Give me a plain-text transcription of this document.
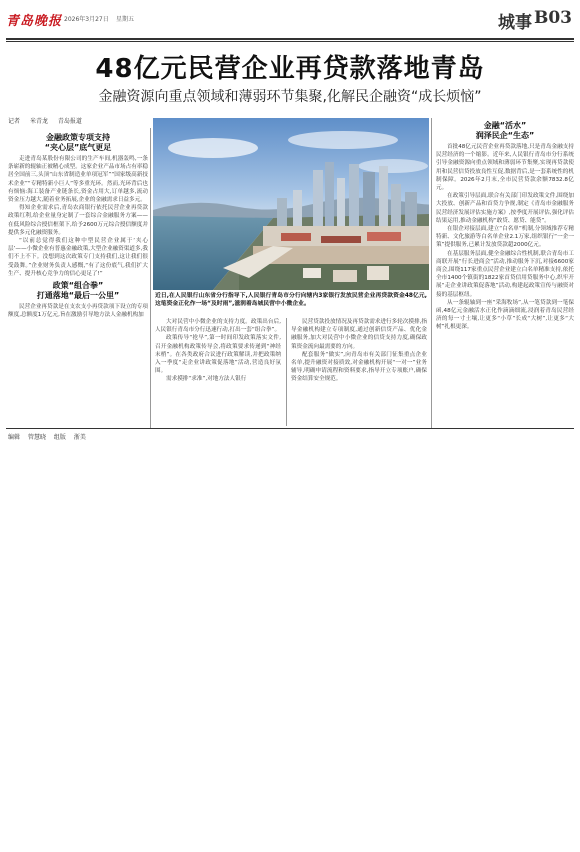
青岛晚报 2026年3月27日 星期五	城事 B03
48亿元民营企业再贷款落地青岛
金融资源向重点领域和薄弱环节集聚,化解民企融资“成长烦恼”
记者 米青龙 青岛报道
金融政策专项支持
“夹心层”底气更足

走进青岛某股份有限公司的生产车间,机器轰鸣,一条条崭新的辊轴正被精心成型。这家企业产品市场占有率稳居全国前三,头顶“山东省制造业单项冠军”“国家级高新技术企业”“专精特新小巨人”等多重光环。然而,光环背后也有烦恼:海工装备产业链条长,资金占用大,订单越多,流动资金压力越大,随着业务拓展,企业的金融需求日益多元。

得知企业需求后,青岛农商银行依托民营企业再贷款政策红利,给企业量身定制了一套综合金融服务方案——在低风险综合授信框架下,给予2600万元综合授信额度并提供多元化融资服务。

“以前总觉得我们这种中型民营企业属于‘夹心层’——小微企业有普惠金融政策,大型企业融资渠道多,我们不上不下。没想到这次政策专门支持我们,这让我们很受鼓舞。”企业财务负责人感慨,“有了这份底气,我们扩大生产、提升核心竞争力的信心更足了!”

政策“组合拳”
打通落地“最后一公里”

民营企业再贷款是在支农支小再贷款项下设立的专项额度,总额度1万亿元,旨在激励引导地方法人金融机构加

近日,在人民银行山东省分行指导下,人民银行青岛市分行向辖内3家银行发放民营企业再贷款资金48亿元,这笔资金正化作一场“及时雨”,滋润着岛城民营中小微企业。

大对民营中小微企业的支持力度。政策出台后,人民银行青岛市分行迅速行动,打出一套“组合拳”。

政策传导“抢早”,第一时间印发政策落实文件,召开金融机构政策传导会,将政策要求传递到“神经末梢”。在各类政府合议进行政策解读,并把政策纳入一季度“走企业讲政策促落地”活动,营造良好氛围。

需求摸排“求准”,对地方法人银行

民营贷款投放情况及再贷款需求进行多轮次摸排,指导金融机构建立专项制度,通过创新信贷产品、优化金融服务,加大对民营中小微企业的信贷支持力度,确保政策资金流向最需要的方向。

配套服务“做实”,向青岛市有关部门征集重点企业名单,提升融资对接质效,对金融机构开展“一对一”业务辅导,明确申请流程和资料要求,指导开立专项账户,确保资金结算安全规范。

金融“活水”
润泽民企“生态”

首批48亿元民营企业再贷款落地,只是青岛金融支持民营经济的一个缩影。近年来,人民银行青岛市分行系统引导金融资源向重点领域和薄弱环节集聚,实现再贷款使用和民营信贷投放良性互促,数据背后,是一套系统性的机制保障。2026年2月末,全市民营贷款余额7832.8亿元。

在政策引导层面,联合有关部门印发政策文件,围绕加大投放、创新产品和首贷力争规,制定《青岛市金融服务民营经济发展评估实施方案》,按季度开展评估,强化评估结果运用,推动金融机构“敢贷、愿贷、能贷”。

在银企对接层面,建立“白名单”机制,分领域推荐专精特新、文化旅游等白名单企业2.1万家,组织银行“一企一策”提供服务,已累计发放贷款超2000亿元。

在基层服务层面,健全金融综合性机制,联合青岛市工商联开展“行长进商会”活动,推动服务下沉,对接6600家商会,围绕117家重点民营企业建立白名单精准支持,依托全市1400个镇街的1822家首贷信用贷服务中心,织牢开展“走企业讲政策促落地”活动,构建起政策宣传与融资对接的基层枢纽。

从一条辊轴到一座“采海牧场”,从一笔贷款到一笔保函,48亿元金融活水正化作滴滴细流,浸润着青岛民营经济的每一寸土壤,让更多“小草”长成“大树”,让更多“大树”扎根更深。

编辑 管慧晓 组版 浙美
